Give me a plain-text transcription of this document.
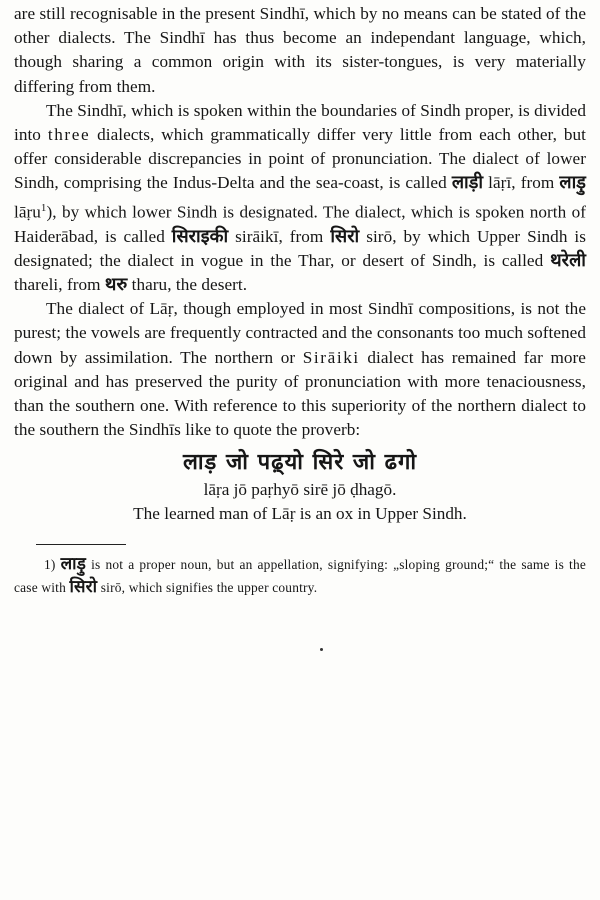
are still recognisable in the present Sindhī, which by no means can be stated of the other dialects. The Sindhī has thus become an independant language, which, though sharing a common origin with its sister-tongues, is very materially differing from them.

The Sindhī, which is spoken within the boundaries of Sindh proper, is divided into three dialects, which grammatically differ very little from each other, but offer considerable discrepancies in point of pronunciation. The dialect of lower Sindh, comprising the Indus-Delta and the sea-coast, is called लाड़ी lāṛī, from लाड़ु lāṛu$^1$), by which lower Sindh is designated. The dialect, which is spoken north of Haiderābad, is called सिराइकी sirāikī, from सिरो sirō, by which Upper Sindh is designated; the dialect in vogue in the Thar, or desert of Sindh, is called थरेली thareli, from थरु tharu, the desert.

The dialect of Lāṛ, though employed in most Sindhī compositions, is not the purest; the vowels are frequently contracted and the consonants too much softened down by assimilation. The northern or Sirāiki dialect has remained far more original and has preserved the purity of pronunciation with more tenaciousness, than the southern one. With reference to this superiority of the northern dialect to the southern the Sindhīs like to quote the proverb:

लाड़ जो पढ़्यो सिरे जो ढगो
lāṛa jō paṛhyō sirē jō ḍhagō.
The learned man of Lāṛ is an ox in Upper Sindh.

1) लाड़ु is not a proper noun, but an appellation, signifying: „sloping ground;“ the same is the case with सिरो sirō, which signifies the upper country.
